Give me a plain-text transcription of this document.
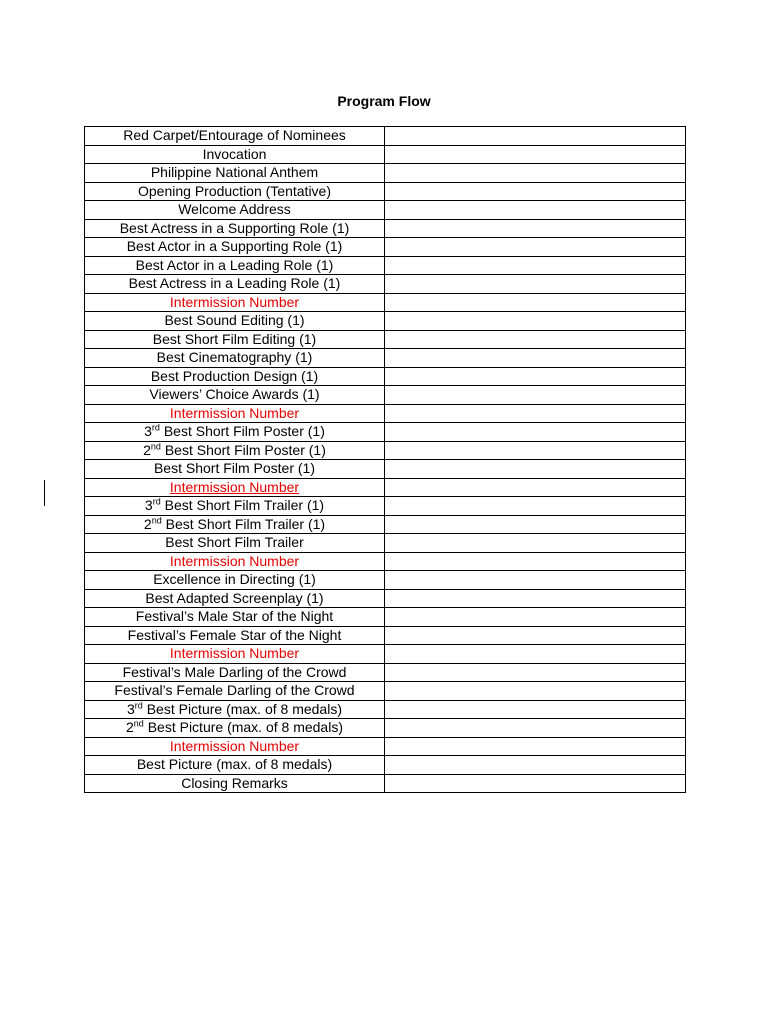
Program Flow
Red Carpet/Entourage of Nominees	
Invocation	
Philippine National Anthem	
Opening Production (Tentative)	
Welcome Address	
Best Actress in a Supporting Role (1)	
Best Actor in a Supporting Role (1)	
Best Actor in a Leading Role (1)	
Best Actress in a Leading Role (1)	
Intermission Number	
Best Sound Editing (1)	
Best Short Film Editing (1)	
Best Cinematography (1)	
Best Production Design (1)	
Viewers’ Choice Awards (1)	
Intermission Number	
3rd Best Short Film Poster (1)	
2nd Best Short Film Poster (1)	
Best Short Film Poster (1)	
Intermission Number	
3rd Best Short Film Trailer (1)	
2nd Best Short Film Trailer (1)	
Best Short Film Trailer	
Intermission Number	
Excellence in Directing (1)	
Best Adapted Screenplay (1)	
Festival’s Male Star of the Night	
Festival’s Female Star of the Night	
Intermission Number	
Festival’s Male Darling of the Crowd	
Festival’s Female Darling of the Crowd	
3rd Best Picture (max. of 8 medals)	
2nd Best Picture (max. of 8 medals)	
Intermission Number	
Best Picture (max. of 8 medals)	
Closing Remarks	
